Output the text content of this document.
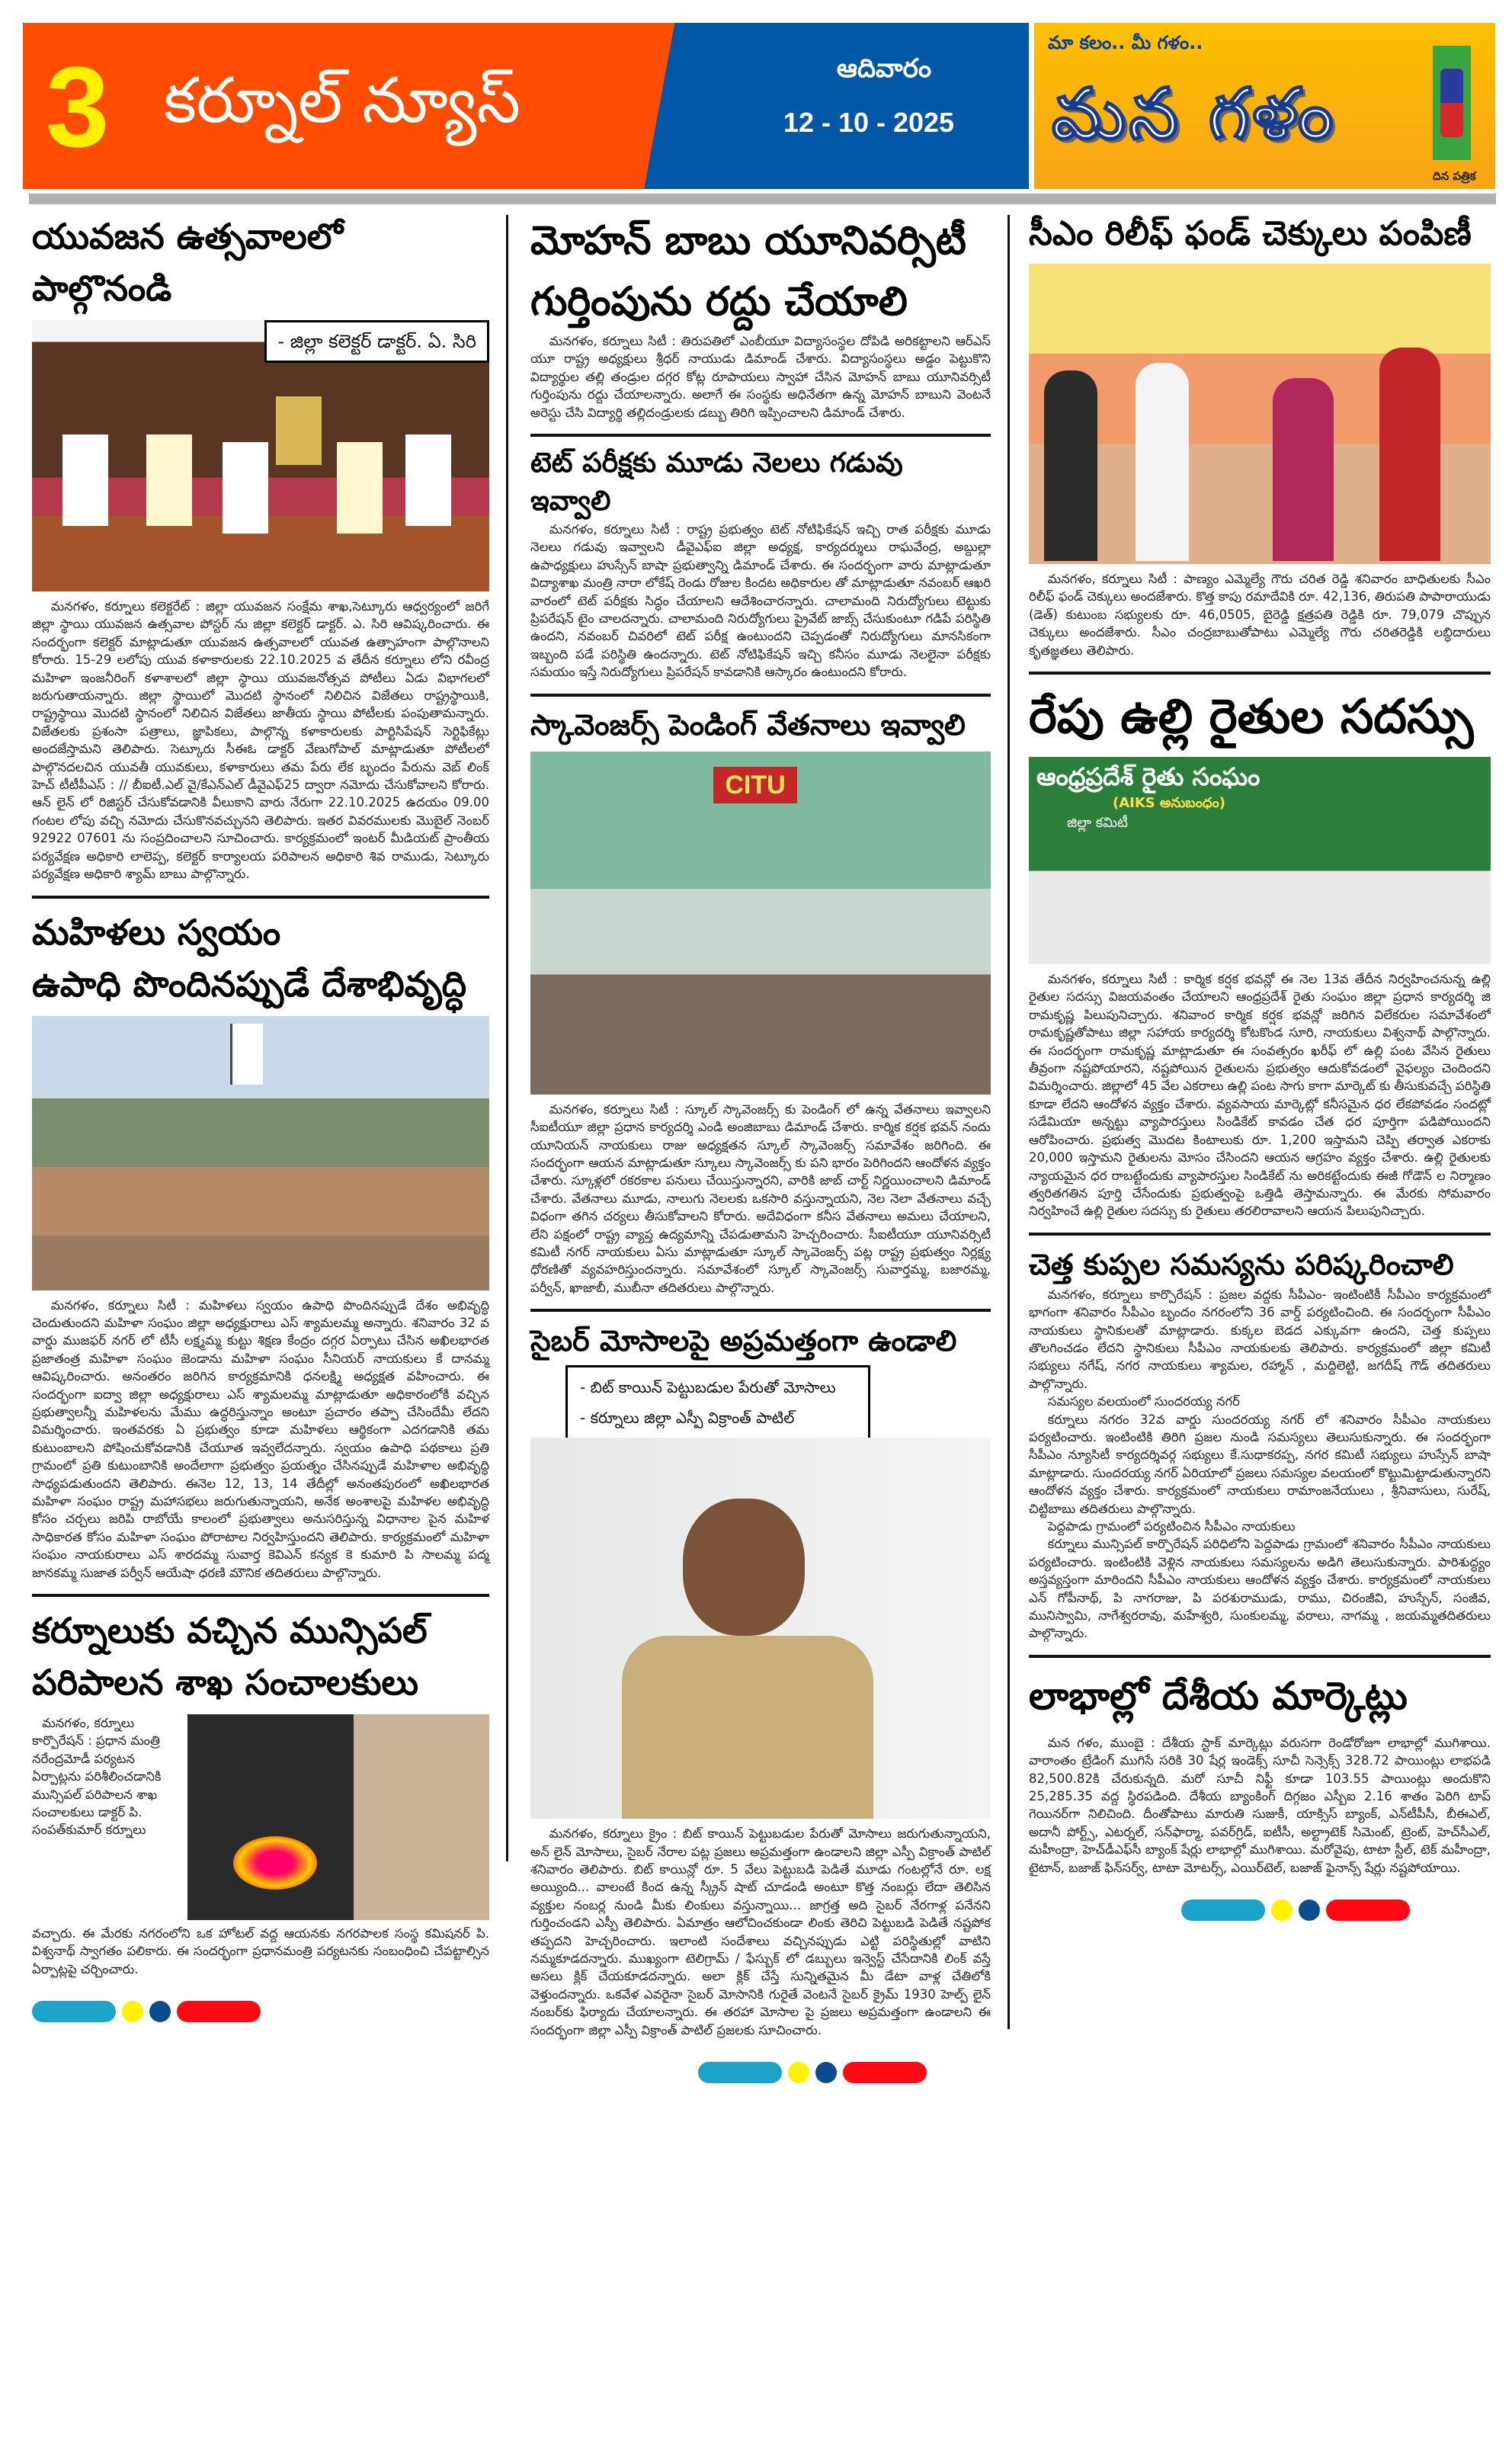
3 కర్నూల్ న్యూస్	ఆదివారం
12 - 10 - 2025
మా కలం.. మీ గళం..
మన గళం
దిన పత్రిక
యువజన ఉత్సవాలలో పాల్గొనండి
- జిల్లా కలెక్టర్ డాక్టర్. ఏ. సిరి
మనగళం, కర్నూలు కలెక్టరేట్ : జిల్లా యువజన సంక్షేమ శాఖ,సెట్కూరు ఆధ్వర్యంలో జరిగే జిల్లా స్థాయి యువజన ఉత్సవాల పోస్టర్ ను జిల్లా కలెక్టర్ డాక్టర్. ఎ. సిరి ఆవిష్కరించారు. ఈ సందర్భంగా కలెక్టర్ మాట్లాడుతూ యువజన ఉత్సవాలలో యువత ఉత్సాహంగా పాల్గొనాలని కోరారు. 15-29 లలోపు యువ కళాకారులకు 22.10.2025 వ తేదీన కర్నూలు లోని రవీంద్ర మహిళా ఇంజనీరింగ్ కళాశాలలో జిల్లా స్థాయి యువజనోత్సవ పోటీలు ఏడు విభాగలలో జరుగుతాయన్నారు. జిల్లా స్థాయిలో మొదటి స్థానంలో నిలిచిన విజేతలు రాష్ట్రస్థాయికి, రాష్ట్రస్థాయి మొదటి స్థానంలో నిలిచిన విజేతలు జాతీయ స్థాయి పోటీలకు పంపుతామన్నారు. విజేతలకు ప్రశంసా పత్రాలు, జ్ఞాపికలు, పాల్గొన్న కళాకారులకు పార్టిసిపేషన్ సెర్టిఫికేట్లు అందజేస్తామని తెలిపారు. సెట్కూరు సీఈఓ డాక్టర్ వేణుగోపాల్ మాట్లాడుతూ పోటీలలో పాల్గొనదలచిన యువతీ యువకులు, కళాకారులు తమ పేరు లేక బృందం పేరును వెబ్ లింక్ హెచ్ టీటీపీఎస్ : // బీఐటీ.ఎల్ వై/కేఎన్ఎల్ డీవైఎఫ్25 ద్వారా నమోదు చేసుకోవాలని కోరారు. ఆన్ లైన్ లో రిజిస్టర్ చేసుకోవడానికి వీలుకాని వారు నేరుగా 22.10.2025 ఉదయం 09.00 గంటల లోపు వచ్చి నమోదు చేసుకొనవచ్చునని తెలిపారు. ఇతర వివరములకు మొబైల్ నెంబర్ 92922 07601 ను సంప్రదించాలని సూచించారు. కార్యక్రమంలో ఇంటర్ మీడియట్ ప్రాంతీయ పర్యవేక్షణ అధికారి లాలెప్ప, కలెక్టర్ కార్యాలయ పరిపాలన అధికారి శివ రాముడు, సెట్కూరు పర్యవేక్షణ అధికారి శ్యామ్ బాబు పాల్గొన్నారు.
మహిళలు స్వయం
ఉపాధి పొందినప్పుడే దేశాభివృద్ధి
మనగళం, కర్నూలు సిటీ : మహిళలు స్వయం ఉపాధి పొందినప్పుడే దేశం అభివృద్ధి చెందుతుందని మహిళా సంఘం జిల్లా అధ్యక్షురాలు ఎస్ శ్యామలమ్మ అన్నారు. శనివారం 32 వ వార్డు ముజఫర్ నగర్ లో టీసీ లక్ష్మమ్మ కుట్టు శిక్షణ కేంద్రం దగ్గర ఏర్పాటు చేసిన అఖిలభారత ప్రజాతంత్ర మహిళా సంఘం జెండాను మహిళా సంఘం సీనియర్ నాయకులు కే దానమ్మ ఆవిష్కరించారు. అనంతరం జరిగిన కార్యక్రమానికి ధనలక్ష్మి అధ్యక్షత వహించారు. ఈ సందర్భంగా ఐద్వా జిల్లా అధ్యక్షురాలు ఎస్ శ్యామలమ్మ మాట్లాడుతూ అధికారంలోకి వచ్చిన ప్రభుత్వాలన్నీ మహిళలను మేము ఉద్ధరిస్తున్నాం అంటూ ప్రచారం తప్పా చేసిందేమీ లేదని విమర్శించారు. ఇంతవరకు ఏ ప్రభుత్వం కూడా మహిళలు ఆర్థికంగా ఎదగడానికి తమ కుటుంబాలని పోషించుకోవడానికి చేయూత ఇవ్వలేదన్నారు. స్వయం ఉపాధి పథకాలు ప్రతి గ్రామంలో ప్రతి కుటుంబానికి అందేలాగా ప్రభుత్వం ప్రయత్నం చేసినప్పుడే మహిళాల అభివృద్ధి సాధ్యపడుతుందని తెలిపారు. ఈనెల 12, 13, 14 తేదీల్లో అనంతపురంలో అఖిలభారత మహిళా సంఘం రాష్ట్ర మహాసభలు జరుగుతున్నాయని, అనేక అంశాలపై మహిళల అభివృద్ధి కోసం చర్చలు జరిపి రాబోయే కాలంలో ప్రభుత్వాలు అనుసరిస్తున్న విధానాల పైన మహిళ సాధికారత కోసం మహిళా సంఘం పోరాటాల నిర్వహిస్తుందని తెలిపారు. కార్యక్రమంలో మహిళా సంఘం నాయకురాలు ఎస్ శారదమ్మ సువార్త కెవిఎన్ కన్యక కె కుమారి పి సాలమ్మ పద్మ జానకమ్మ సుజాత పర్వీన్ ఆయేషా ధరణి మౌనిక తదితరులు పాల్గొన్నారు.
కర్నూలుకు వచ్చిన మున్సిపల్
పరిపాలన శాఖ సంచాలకులు
మనగళం, కర్నూలు కార్పొరేషన్ : ప్రధాన మంత్రి నరేంద్రమోడీ పర్యటన ఏర్పాట్లను పరిశీలించడానికి మున్సిపల్ పరిపాలన శాఖ సంచాలకులు డాక్టర్ పి. సంపత్‌కుమార్ కర్నూలు
వచ్చారు. ఈ మేరకు నగరంలోని ఒక హోటల్ వద్ద ఆయనకు నగరపాలక సంస్థ కమిషనర్ పి. విశ్వనాథ్ స్వాగతం పలికారు. ఈ సందర్భంగా ప్రధానమంత్రి పర్యటనకు సంబంధించి చేపట్టాల్సిన ఏర్పాట్లపై చర్చించారు.
మోహన్ బాబు యూనివర్సిటీ
గుర్తింపును రద్దు చేయాలి
మనగళం, కర్నూలు సిటీ : తిరుపతిలో ఎంబీయూ విద్యాసంస్థల దోపిడి అరికట్టాలని ఆర్ఎస్ యూ రాష్ట్ర అధ్యక్షులు శ్రీధర్ నాయుడు డిమాండ్ చేశారు. విద్యాసంస్థలు అడ్డం పెట్టుకొని విద్యార్థుల తల్లి తండ్రుల దగ్గర కోట్ల రూపాయలు స్వాహా చేసిన మోహన్ బాబు యూనివర్సిటీ గుర్తింపును రద్దు చేయాలన్నారు. అలాగే ఈ సంస్థకు అధినేతగా ఉన్న మోహన్ బాబుని వెంటనే అరెస్టు చేసి విద్యార్థి తల్లిదండ్రులకు డబ్బు తిరిగి ఇప్పించాలని డిమాండ్ చేశారు.
టెట్ పరీక్షకు మూడు నెలలు గడువు ఇవ్వాలి
మనగళం, కర్నూలు సిటీ : రాష్ట్ర ప్రభుత్వం టెట్ నోటిఫికేషన్ ఇచ్చి రాత పరీక్షకు మూడు నెలలు గడువు ఇవ్వాలని డీవైఎఫ్ఐ జిల్లా అధ్యక్ష, కార్యదర్శులు రాఘవేంద్ర, అబ్దుల్లా ఉపాధ్యక్షులు హుస్సేన్ బాషా ప్రభుత్వాన్ని డిమాండ్ చేశారు. ఈ సందర్భంగా వారు మాట్లాడుతూ విద్యాశాఖ మంత్రి నారా లోకేష్ రెండు రోజుల కిందట అధికారుల తో మాట్లాడుతూ నవంబర్ ఆఖరి వారంలో టెట్ పరీక్షకు సిద్ధం చేయాలని ఆదేశించారన్నారు. చాలామంది నిరుద్యోగులు టెట్టుకు ప్రిపరేషన్ టైం చాలదన్నారు. చాలామంది నిరుద్యోగులు ప్రైవేట్ జాబ్స్ చేసుకుంటూ గడిపే పరిస్థితి ఉందని, నవంబర్ చివరిలో టెట్ పరీక్ష ఉంటుందని చెప్పడంతో నిరుద్యోగులు మానసికంగా ఇబ్బంది పడే పరిస్థితి ఉందన్నారు. టెట్ నోటిఫికేషన్ ఇచ్చి కనీసం మూడు నెలలైనా పరీక్షకు సమయం ఇస్తే నిరుద్యోగులు ప్రిపరేషన్ కావడానికి ఆస్కారం ఉంటుందని కోరారు.
స్కావెంజర్స్ పెండింగ్ వేతనాలు ఇవ్వాలి
CITU
మనగళం, కర్నూలు సిటీ : స్కూల్ స్కావెంజర్స్ కు పెండింగ్ లో ఉన్న వేతనాలు ఇవ్వాలని సీఐటీయూ జిల్లా ప్రధాన కార్యదర్శి ఎండి అంజిబాబు డిమాండ్ చేశారు. కార్మిక కర్షక భవన్ నందు యూనియన్ నాయకులు రాజు అధ్యక్షతన స్కూల్ స్కావెంజర్స్ సమావేశం జరిగింది. ఈ సందర్భంగా ఆయన మాట్లాడుతూ స్కూలు స్కావెంజర్స్ కు పని భారం పెరిగిందని ఆందోళన వ్యక్తం చేశారు. స్కూళ్లలో రకరకాల పనులు చేయిస్తున్నారని, వారికి జాబ్ చార్ట్ నిర్ణయించాలని డిమాండ్ చేశారు. వేతనాలు మూడు, నాలుగు నెలలకు ఒకసారి వస్తున్నాయని, నెల నెలా వేతనాలు వచ్చే విధంగా తగిన చర్యలు తీసుకోవాలని కోరారు. అదేవిధంగా కనీస వేతనాలు అమలు చేయాలని, లేని పక్షంలో రాష్ట్ర వ్యాప్త ఉద్యమాన్ని చేపడుతామని హెచ్చరించారు. సీఐటీయూ యూనివర్సిటీ కమిటీ నగర్ నాయకులు ఏసు మాట్లాడుతూ స్కూల్ స్కావెంజర్స్ పట్ల రాష్ట్ర ప్రభుత్వం నిర్లక్ష్య ధోరణితో వ్యవహరిస్తుందన్నారు. సమావేశంలో స్కూల్ స్కావెంజర్స్ సువార్తమ్మ, బజారమ్మ, పర్వీన్, ఖాజాబీ, ముబీనా తదితరులు పాల్గొన్నారు.
సైబర్ మోసాలపై అప్రమత్తంగా ఉండాలి
- బిట్ కాయిన్ పెట్టుబడుల పేరుతో మోసాలు
- కర్నూలు జిల్లా ఎస్పీ విక్రాంత్ పాటిల్
మనగళం, కర్నూలు క్రైం : బిట్ కాయిన్ పెట్టుబడుల పేరుతో మోసాలు జరుగుతున్నాయని, అన్ లైన్ మోసాలు, సైబర్ నేరాల పట్ల ప్రజలు అప్రమత్తంగా ఉండాలని జిల్లా ఎస్పీ విక్రాంత్ పాటిల్ శనివారం తెలిపారు. బిట్ కాయిన్లో రూ. 5 వేలు పెట్టుబడి పెడితే మూడు గంటల్లోనే రూ. లక్ష అయ్యింది... వాలంటే కింద ఉన్న స్క్రీన్ షాట్ చూడండి అంటూ కొత్త నంబర్లు లేదా తెలిసిన వ్యక్తుల నంబర్ల నుండి మీకు లింకులు వస్తున్నాయి... జాగ్రత్త అది సైబర్ నేరగాళ్ల పనేనని గుర్తించండని ఎస్పీ తెలిపారు. ఏమాత్రం ఆలోచించకుండా లింకు తెరిచి పెట్టుబడి పెడితే నష్టపోక తప్పదని హెచ్చరించారు. ఇలాంటి సందేశాలు వచ్చినప్పుడు ఎట్టి పరిస్థితుల్లో వాటిని నమ్మకూడదన్నారు. ముఖ్యంగా టెలిగ్రామ్ / ఫేస్బుక్ లో డబ్బులు ఇన్వెస్ట్ చేసేదానికి లింక్ వస్తే అసలు క్లిక్ చేయకూడదన్నారు. అలా క్లిక్ చేస్తే సున్నితమైన మీ డేటా వాళ్ల చేతిలోకి వెళ్తుందన్నారు. ఒకవేళ ఎవరైనా సైబర్ మోసానికి గురైతే వెంటనే సైబర్ క్రైమ్ 1930 హెల్ప్ లైన్ నంబర్‌కు ఫిర్యాదు చేయాలన్నారు. ఈ తరహా మోసాల పై ప్రజలు అప్రమత్తంగా ఉండాలని ఈ సందర్భంగా జిల్లా ఎస్పీ విక్రాంత్ పాటిల్ ప్రజలకు సూచించారు.
సీఎం రిలీఫ్ ఫండ్ చెక్కులు పంపిణీ
మనగళం, కర్నూలు సిటీ : పాణ్యం ఎమ్మెల్యే గౌరు చరిత రెడ్డి శనివారం బాధితులకు సీఎం రిలీఫ్ ఫండ్ చెక్కులు అందజేశారు. కొత్త కాపు రమాదేవికి రూ. 42,136, తిరుపతి పాపారాయుడు (డెత్) కుటుంబ సభ్యులకు రూ. 46,0505, బైరెడ్డి క్షత్రపతి రెడ్డికి రూ. 79,079 చొప్పున చెక్కులు అందజేశారు. సీఎం చంద్రబాబుతోపాటు ఎమ్మెల్యే గౌరు చరితరెడ్డికి లబ్ధిదారులు కృతజ్ఞతలు తెలిపారు.
రేపు ఉల్లి రైతుల సదస్సు
ఆంధ్రప్రదేశ్ రైతు సంఘం
(AIKS అనుబంధం)
జిల్లా కమిటీ
మనగళం, కర్నూలు సిటీ : కార్మిక కర్షక భవన్లో ఈ నెల 13వ తేదీన నిర్వహించనున్న ఉల్లి రైతుల సదస్సు విజయవంతం చేయాలని ఆంధ్రప్రదేశ్ రైతు సంఘం జిల్లా ప్రధాన కార్యదర్శి జి రామకృష్ణ పిలుపునిచ్చారు. శనివాంర కార్మిక కర్షక భవన్లో జరిగిన విలేకరుల సమావేశంలో రామకృష్ణతోపాటు జిల్లా సహాయ కార్యదర్శి కోటకొండ సూరి, నాయకులు విశ్వనాథ్ పాల్గొన్నారు. ఈ సందర్భంగా రామకృష్ణ మాట్లాడుతూ ఈ సంవత్సరం ఖరీఫ్ లో ఉల్లి పంట వేసిన రైతులు తీవ్రంగా నష్టపోయారని, నష్టపోయిన రైతులను ప్రభుత్వం ఆదుకోవడంలో వైఫల్యం చెందిందని విమర్శించారు. జిల్లాలో 45 వేల ఎకరాలు ఉల్లి పంట సాగు కాగా మార్కెట్ కు తీసుకువచ్చే పరిస్థితి కూడా లేదని ఆందోళన వ్యక్తం చేశారు. వ్యవసాయ మార్కెట్లో కనీసమైన ధర లేకపోవడం సందట్లో సడేమియా అన్నట్టు వ్యాపారస్తులు సిండికేట్ కావడం చేత ధర పూర్తిగా పడిపోయిందని ఆరోపించారు. ప్రభుత్వ మొదట కింటాలుకు రూ. 1,200 ఇస్తామని చెప్పి తర్వాత ఎకరాకు 20,000 ఇస్తామని రైతులను మోసం చేసిందని ఆయన ఆగ్రహం వ్యక్తం చేశారు. ఉల్లి రైతులకు న్యాయమైన ధర రాబట్టేందుకు వ్యాపారస్తుల సిండికేట్ ను అరికట్టేందుకు ఈజీ గోడౌన్ ల నిర్మాణం త్వరితగతిన పూర్తి చేసేందుకు ప్రభుత్వంపై ఒత్తిడి తెస్తామన్నారు. ఈ మేరకు సోమవారం నిర్వహించే ఉల్లి రైతుల సదస్సు కు రైతులు తరలిరావాలని ఆయన పిలుపునిచ్చారు.
చెత్త కుప్పల సమస్యను పరిష్కరించాలి
మనగళం, కర్నూలు కార్పొరేషన్ : ప్రజల వద్దకు సీపీఎం- ఇంటింటికీ సీపీఎం కార్యక్రమంలో భాగంగా శనివారం సీపీఎం బృందం నగరంలోని 36 వార్డ్ పర్యటించింది. ఈ సందర్భంగా సీపీఎం నాయకులు స్థానికులతో మాట్లాడారు. కుక్కల బెడద ఎక్కువగా ఉందని, చెత్త కుప్పలు తొలగించడం లేదని స్థానికులు సీపీఎం నాయకులకు తెలిపారు. కార్యక్రమంలో జిల్లా కమిటీ సభ్యులు నగేష్, నగర నాయకులు శ్యామల, రహ్మాన్ , మద్దిలెట్టి, జగదీష్ గౌడ్ తదితరులు పాల్గొన్నారు.
సమస్యల వలయంలో సుందరయ్య నగర్
కర్నూలు నగరం 32వ వార్డు సుందరయ్య నగర్ లో శనివారం సీపీఎం నాయకులు పర్యటించారు. ఇంటింటికి తిరిగి ప్రజల నుండి సమస్యలు తెలుసుకున్నారు. ఈ సందర్భంగా సీపీఎం న్యూసిటీ కార్యదర్శివర్గ సభ్యులు కే.సుధాకరప్ప, నగర కమిటీ సభ్యులు హుస్సేన్ బాషా మాట్లాడారు. సుందరయ్య నగర్ ఏరియాలో ప్రజలు సమస్యల వలయంలో కొట్టుమిట్టాడుతున్నారని ఆందోళన వ్యక్తం చేశారు. కార్యక్రమంలో నాయకులు రామాంజనేయులు , శ్రీనివాసులు, సురేష్, చిట్టిబాబు తదితరులు పాల్గొన్నారు.
పెద్దపాడు గ్రామంలో పర్యటించిన సీపీఎం నాయకులు
కర్నూలు మున్సిపల్ కార్పొరేషన్ పరిధిలోని పెద్దపాడు గ్రామంలో శనివారం సీపీఎం నాయకులు పర్యటించారు. ఇంటింటికి వెళ్లిన నాయకులు సమస్యలను అడిగి తెలుసుకున్నారు. పారిశుద్ధ్యం అస్తవ్యస్తంగా మారిందని సీపీఎం నాయకులు ఆందోళన వ్యక్తం చేశారు. కార్యక్రమంలో నాయకులు ఎన్ గోపీనాథ్, పి నాగరాజు, పి పరశురాముడు, రాము, చిరంజీవి, హుస్సేన్, సంజీవ, మునిస్వామి, నాగేశ్వరరావు, మహేశ్వరి, సుంకులమ్మ, వరాలు, నాగమ్మ , జయమ్మతదితరులు పాల్గొన్నారు.
లాభాల్లో దేశీయ మార్కెట్లు
మన గళం, ముంబై : దేశీయ స్టాక్ మార్కెట్లు వరుసగా రెండోరోజూ లాభాల్లో ముగిశాయి. వారాంతం ట్రేడింగ్ ముగిసే సరికి 30 షేర్ల ఇండెక్స్ సూచీ సెన్సెక్స్ 328.72 పాయింట్లు లాభపడి 82,500.82కి చేరుకున్నది. మరో సూచీ నిఫ్టీ కూడా 103.55 పాయింట్లు అందుకొని 25,285.35 వద్ద స్థిరపడింది. దేశీయ బ్యాంకింగ్ దిగ్గజం ఎస్బీఐ 2.16 శాతం పెరిగి టాప్ గెయినర్‌గా నిలిచింది. దీంతోపాటు మారుతి సుజుకీ, యాక్సిస్ బ్యాంక్, ఎన్‌టీపీసీ, బీఈఎల్, అదానీ పోర్ట్స్, ఎటర్నల్, సన్‌ఫార్మా, పవర్‌గ్రిడ్, ఐటీసీ, అల్ట్రాటెక్ సిమెంట్, ట్రెంట్, హెచ్‌సీఎల్, మహీంద్రా, హెచ్‌డీఎఫ్‌సీ బ్యాంక్ షేర్లు లాభాల్లో ముగిశాయి. మరోవైపు, టాటా స్టీల్, టెక్ మహీంద్రా, టైటాన్, బజాజ్ ఫిన్‌సర్వ్, టాటా మోటర్స్, ఎయిర్‌టెల్, బజాజ్ ఫైనాన్స్ షేర్లు నష్టపోయాయి.
